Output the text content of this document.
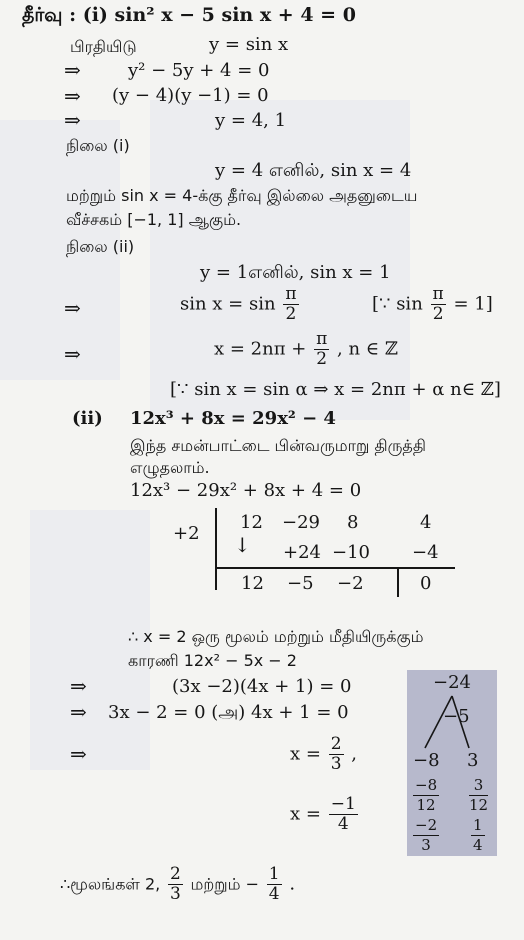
தீர்வு : (i) sin² x − 5 sin x + 4 = 0
பிரதியிடு	y = sin x
⇒	y² − 5y + 4 = 0
⇒ (y − 4)(y −1) = 0
⇒	y = 4, 1
நிலை (i)
y = 4 எனில், sin x = 4
மற்றும் sin x = 4-க்கு தீர்வு இல்லை அதனுடைய
வீச்சகம் [−1, 1] ஆகும்.
நிலை (ii)
y = 1எனில், sin x = 1
⇒	$\sin x = \sin \frac{\pi}{2}$	[∵ $\sin \frac{\pi}{2} = 1$]
⇒	$x = 2n\pi + \frac{\pi}{2}$ , n ∈ ℤ
[∵ sin x = sin α ⇒ x = 2nπ + α n∈ ℤ]
(ii) 12x³ + 8x = 29x² − 4
இந்த சமன்பாட்டை பின்வருமாறு திருத்தி
எழுதலாம்.
12x³ − 29x² + 8x + 4 = 0
+2
12 −29 8	4
↓ +24 −10 −4
12 −5 −2	0
∴ x = 2 ஒரு மூலம் மற்றும் மீதியிருக்கும்
காரணி 12x² − 5x − 2
⇒	(3x −2)(4x + 1) = 0
⇒ 3x − 2 = 0 (அ) 4x + 1 = 0
⇒	$x = \frac{2}{3}$ ,
$x = \frac{-1}{4}$
∴மூலங்கள் 2, $\frac{2}{3}$ மற்றும் − $\frac{1}{4}$ .
−24
−5
−8 3
$\frac{-8}{12} \frac{3}{12}$
$\frac{-2}{3} \frac{1}{4}$
